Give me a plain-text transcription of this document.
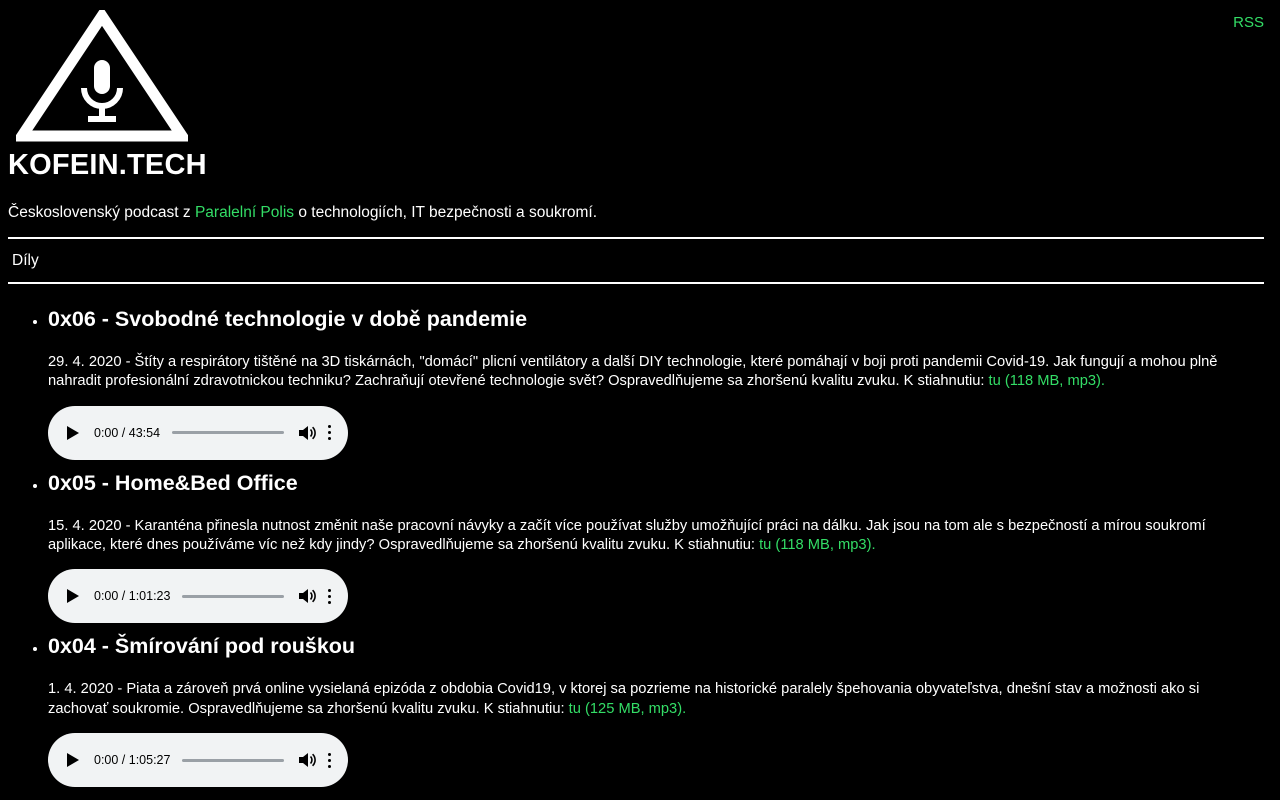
RSS
KOFEIN.TECH

Československý podcast z Paralelní Polis o technologiích, IT bezpečnosti a soukromí.

Díly
• 0x06 - Svobodné technologie v době pandemie

29. 4. 2020 - Štíty a respirátory tištěné na 3D tiskárnách, "domácí" plicní ventilátory a další DIY technologie, které pomáhají v boji proti pandemii Covid-19. Jak fungují a mohou plně nahradit profesionální zdravotnickou techniku? Zachraňují otevřené technologie svět? Ospravedlňujeme sa zhoršenú kvalitu zvuku. K stiahnutiu: tu (118 MB, mp3).

0:00 / 43:54
• 0x05 - Home&Bed Office

15. 4. 2020 - Karanténa přinesla nutnost změnit naše pracovní návyky a začít více používat služby umožňující práci na dálku. Jak jsou na tom ale s bezpečností a mírou soukromí aplikace, které dnes používáme víc než kdy jindy? Ospravedlňujeme sa zhoršenú kvalitu zvuku. K stiahnutiu: tu (118 MB, mp3).

0:00 / 1:01:23
• 0x04 - Šmírování pod rouškou

1. 4. 2020 - Piata a zároveň prvá online vysielaná epizóda z obdobia Covid19, v ktorej sa pozrieme na historické paralely špehovania obyvateľstva, dnešní stav a možnosti ako si zachovať soukromie. Ospravedlňujeme sa zhoršenú kvalitu zvuku. K stiahnutiu: tu (125 MB, mp3).

0:00 / 1:05:27
